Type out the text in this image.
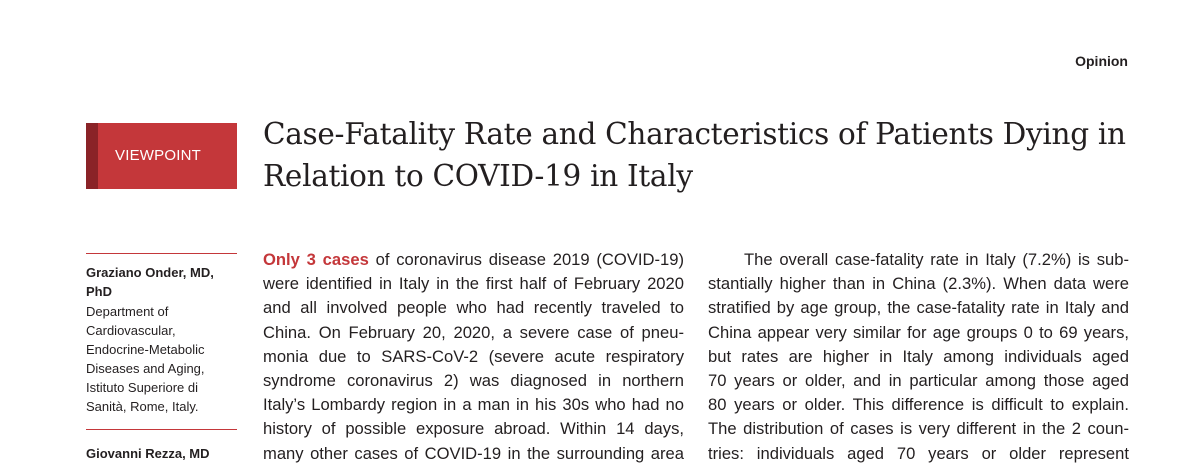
Opinion
VIEWPOINT
Case-Fatality Rate and Characteristics of Patients Dying in Relation to COVID-19 in Italy
Graziano Onder, MD,
PhD
Department of
Cardiovascular,
Endocrine-Metabolic
Diseases and Aging,
Istituto Superiore di
Sanità, Rome, Italy.
Giovanni Rezza, MD

Only 3 cases of coronavirus disease 2019 (COVID-19)
were identified in Italy in the first half of February 2020
and all involved people who had recently traveled to
China. On February 20, 2020, a severe case of pneu-
monia due to SARS-CoV-2 (severe acute respiratory
syndrome coronavirus 2) was diagnosed in northern
Italy’s Lombardy region in a man in his 30s who had no
history of possible exposure abroad. Within 14 days,
many other cases of COVID-19 in the surrounding area

The overall case-fatality rate in Italy (7.2%) is sub-
stantially higher than in China (2.3%). When data were
stratified by age group, the case-fatality rate in Italy and
China appear very similar for age groups 0 to 69 years,
but rates are higher in Italy among individuals aged
70 years or older, and in particular among those aged
80 years or older. This difference is difficult to explain.
The distribution of cases is very different in the 2 coun-
tries: individuals aged 70 years or older represent
